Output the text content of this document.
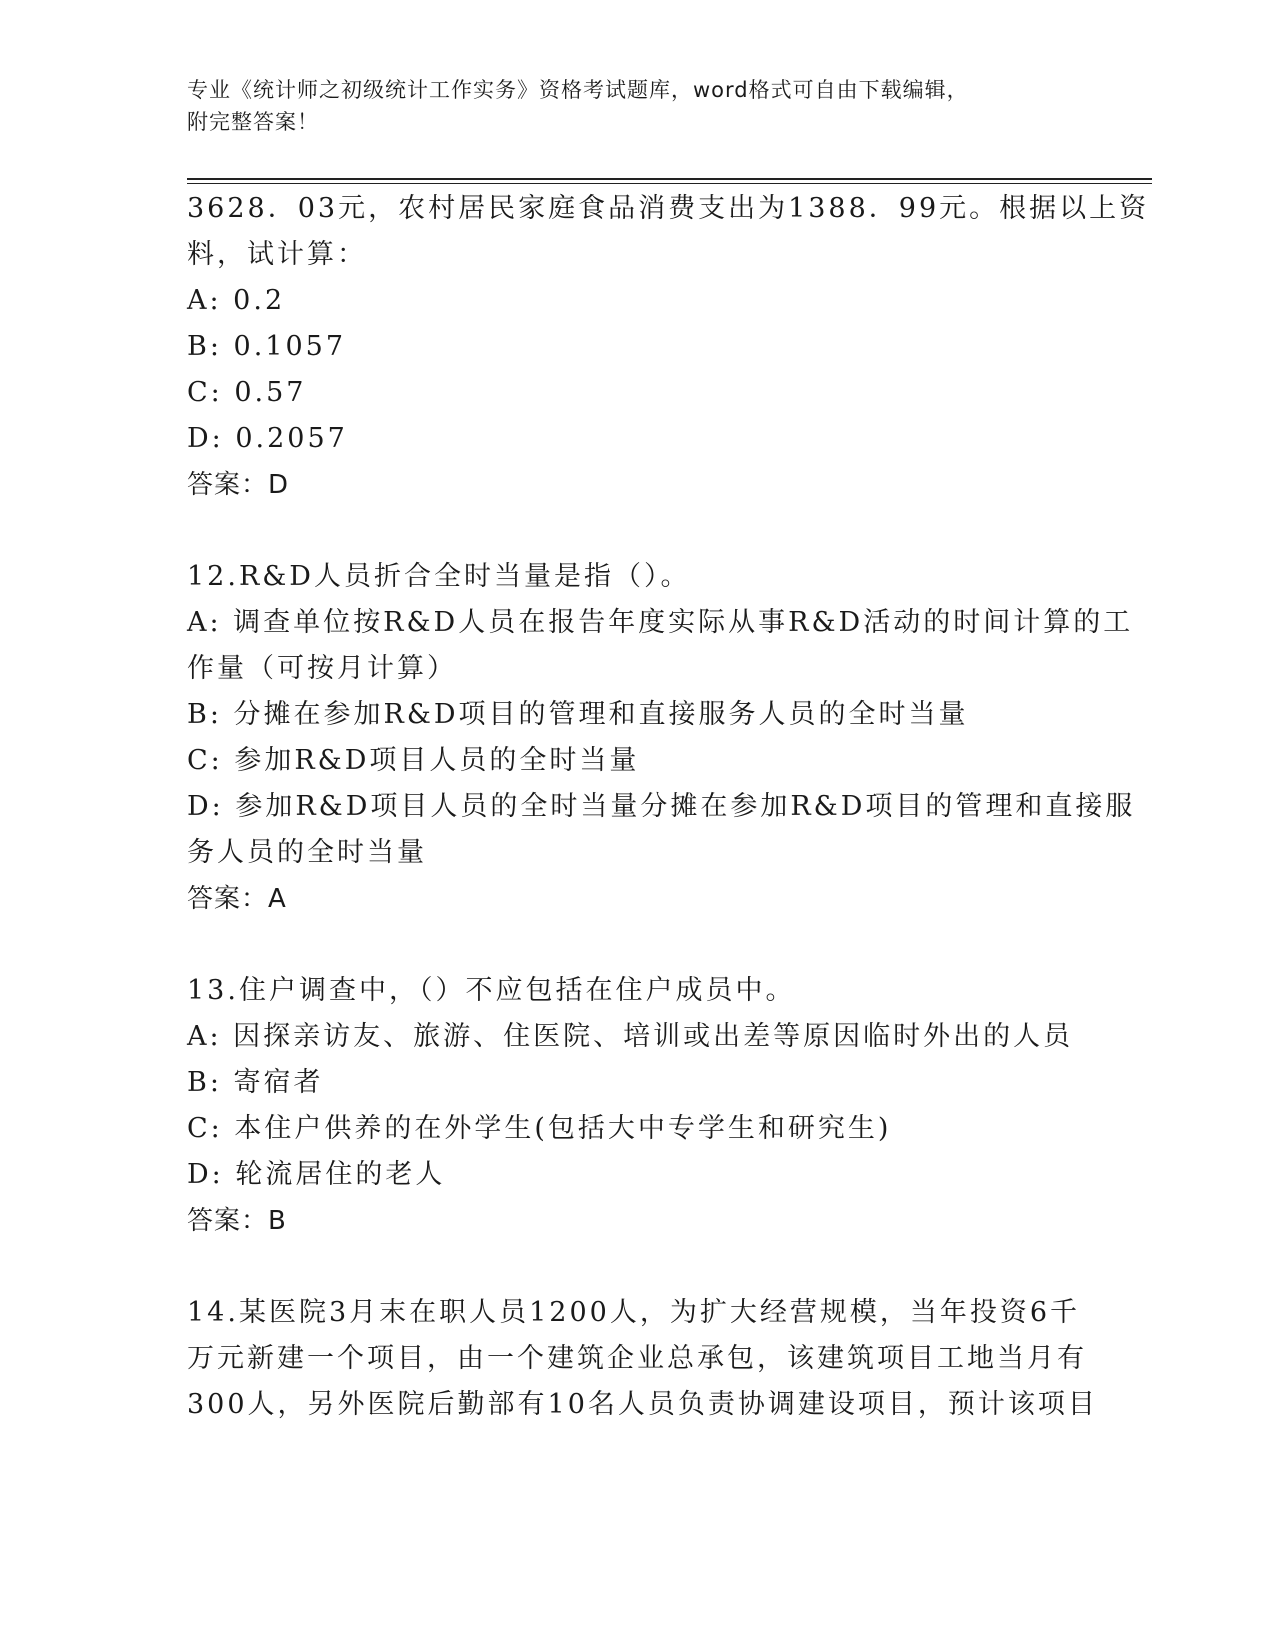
专业《统计师之初级统计工作实务》资格考试题库，word格式可自由下载编辑，
附完整答案！
3628．03元，农村居民家庭食品消费支出为1388．99元。根据以上资
料，试计算：
A: 0.2
B: 0.1057
C: 0.57
D: 0.2057
答案：D
12.R&D人员折合全时当量是指（）。
A: 调查单位按R&D人员在报告年度实际从事R&D活动的时间计算的工
作量（可按月计算）
B: 分摊在参加R&D项目的管理和直接服务人员的全时当量
C: 参加R&D项目人员的全时当量
D: 参加R&D项目人员的全时当量分摊在参加R&D项目的管理和直接服
务人员的全时当量
答案：A
13.住户调查中，（）不应包括在住户成员中。
A: 因探亲访友、旅游、住医院、培训或出差等原因临时外出的人员
B: 寄宿者
C: 本住户供养的在外学生(包括大中专学生和研究生)
D: 轮流居住的老人
答案：B
14.某医院3月末在职人员1200人，为扩大经营规模，当年投资6千
万元新建一个项目，由一个建筑企业总承包，该建筑项目工地当月有
300人，另外医院后勤部有10名人员负责协调建设项目，预计该项目
